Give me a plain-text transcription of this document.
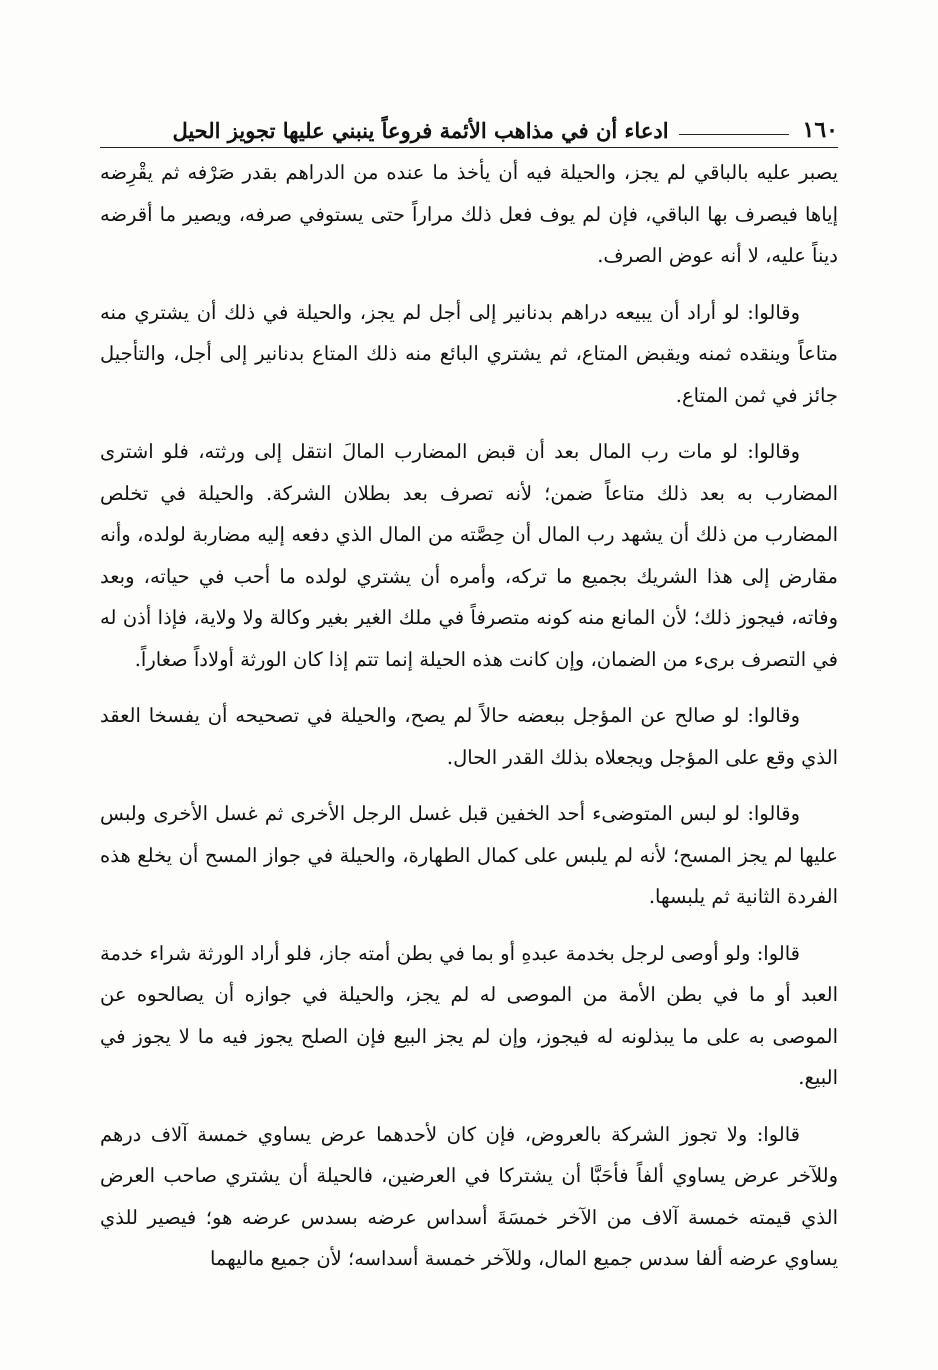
١٦٠
ادعاء أن في مذاهب الأئمة فروعاً ينبني عليها تجويز الحيل

يصبر عليه بالباقي لم يجز، والحيلة فيه أن يأخذ ما عنده من الدراهم بقدر صَرْفه ثم يقْرِضه إياها فيصرف بها الباقي، فإن لم يوف فعل ذلك مراراً حتى يستوفي صرفه، ويصير ما أقرضه ديناً عليه، لا أنه عوض الصرف.

وقالوا: لو أراد أن يبيعه دراهم بدنانير إلى أجل لم يجز، والحيلة في ذلك أن يشتري منه متاعاً وينقده ثمنه ويقبض المتاع، ثم يشتري البائع منه ذلك المتاع بدنانير إلى أجل، والتأجيل جائز في ثمن المتاع.

وقالوا: لو مات رب المال بعد أن قبض المضارب المالَ انتقل إلى ورثته، فلو اشترى المضارب به بعد ذلك متاعاً ضمن؛ لأنه تصرف بعد بطلان الشركة. والحيلة في تخلص المضارب من ذلك أن يشهد رب المال أن حِصَّته من المال الذي دفعه إليه مضاربة لولده، وأنه مقارض إلى هذا الشريك بجميع ما تركه، وأمره أن يشتري لولده ما أحب في حياته، وبعد وفاته، فيجوز ذلك؛ لأن المانع منه كونه متصرفاً في ملك الغير بغير وكالة ولا ولاية، فإذا أذن له في التصرف برىء من الضمان، وإن كانت هذه الحيلة إنما تتم إذا كان الورثة أولاداً صغاراً.

وقالوا: لو صالح عن المؤجل ببعضه حالاً لم يصح، والحيلة في تصحيحه أن يفسخا العقد الذي وقع على المؤجل ويجعلاه بذلك القدر الحال.

وقالوا: لو لبس المتوضىء أحد الخفين قبل غسل الرجل الأخرى ثم غسل الأخرى ولبس عليها لم يجز المسح؛ لأنه لم يلبس على كمال الطهارة، والحيلة في جواز المسح أن يخلع هذه الفردة الثانية ثم يلبسها.

قالوا: ولو أوصى لرجل بخدمة عبدهِ أو بما في بطن أمته جاز، فلو أراد الورثة شراء خدمة العبد أو ما في بطن الأمة من الموصى له لم يجز، والحيلة في جوازه أن يصالحوه عن الموصى به على ما يبذلونه له فيجوز، وإن لم يجز البيع فإن الصلح يجوز فيه ما لا يجوز في البيع.

قالوا: ولا تجوز الشركة بالعروض، فإن كان لأحدهما عرض يساوي خمسة آلاف درهم وللآخر عرض يساوي ألفاً فأحَبَّا أن يشتركا في العرضين، فالحيلة أن يشتري صاحب العرض الذي قيمته خمسة آلاف من الآخر خمسَةَ أسداس عرضه بسدس عرضه هو؛ فيصير للذي يساوي عرضه ألفا سدس جميع المال، وللآخر خمسة أسداسه؛ لأن جميع ماليهما
